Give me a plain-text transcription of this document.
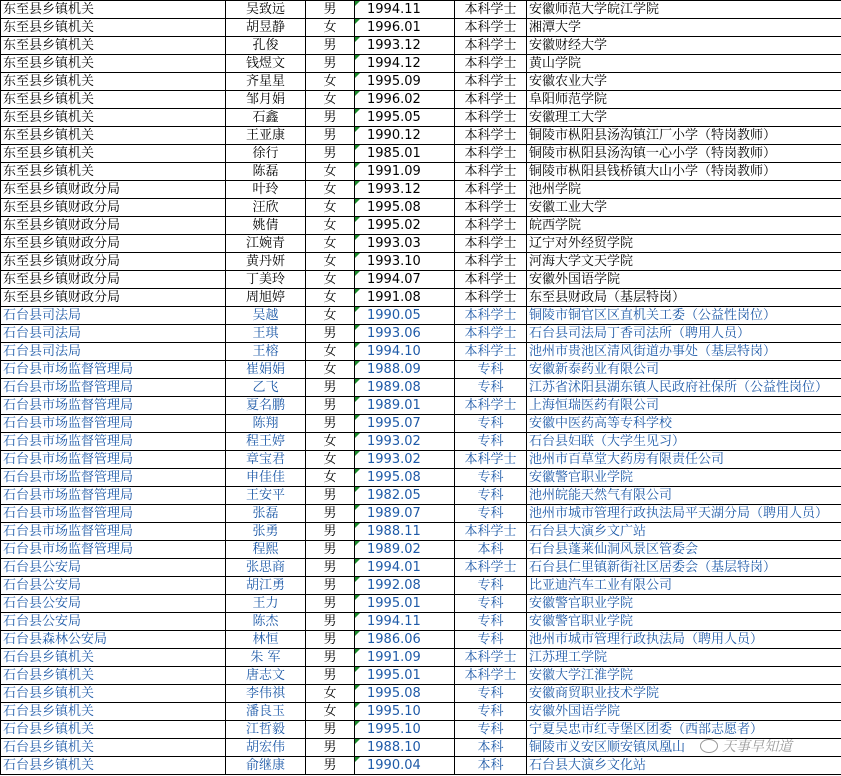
东至县乡镇机关	吴致远	男	1994.11	本科学士	安徽师范大学皖江学院
东至县乡镇机关	胡昱静	女	1996.01	本科学士	湘潭大学
东至县乡镇机关	孔俊	男	1993.12	本科学士	安徽财经大学
东至县乡镇机关	钱煜文	男	1994.12	本科学士	黄山学院
东至县乡镇机关	齐星星	女	1995.09	本科学士	安徽农业大学
东至县乡镇机关	邹月娟	女	1996.02	本科学士	阜阳师范学院
东至县乡镇机关	石鑫	男	1995.05	本科学士	安徽理工大学
东至县乡镇机关	王亚康	男	1990.12	本科学士	铜陵市枞阳县汤沟镇江厂小学（特岗教师）
东至县乡镇机关	徐行	男	1985.01	本科学士	铜陵市枞阳县汤沟镇一心小学（特岗教师）
东至县乡镇机关	陈磊	女	1991.09	本科学士	铜陵市枞阳县钱桥镇大山小学（特岗教师）
东至县乡镇财政分局	叶玲	女	1993.12	本科学士	池州学院
东至县乡镇财政分局	汪欣	女	1995.08	本科学士	安徽工业大学
东至县乡镇财政分局	姚倩	女	1995.02	本科学士	皖西学院
东至县乡镇财政分局	江婉青	女	1993.03	本科学士	辽宁对外经贸学院
东至县乡镇财政分局	黄丹妍	女	1993.10	本科学士	河海大学文天学院
东至县乡镇财政分局	丁美玲	女	1994.07	本科学士	安徽外国语学院
东至县乡镇财政分局	周旭婷	女	1991.08	本科学士	东至县财政局（基层特岗）
石台县司法局	吴越	女	1990.05	本科学士	铜陵市铜官区区直机关工委（公益性岗位）
石台县司法局	王琪	男	1993.06	本科学士	石台县司法局丁香司法所（聘用人员）
石台县司法局	王榕	女	1994.10	本科学士	池州市贵池区清风街道办事处（基层特岗）
石台县市场监督管理局	崔娟娟	女	1988.09	专科	安徽新泰药业有限公司
石台县市场监督管理局	乙飞	男	1989.08	专科	江苏省沭阳县湖东镇人民政府社保所（公益性岗位）
石台县市场监督管理局	夏名鹏	男	1989.01	本科学士	上海恒瑞医药有限公司
石台县市场监督管理局	陈翔	男	1995.07	专科	安徽中医药高等专科学校
石台县市场监督管理局	程王婷	女	1993.02	专科	石台县妇联（大学生见习）
石台县市场监督管理局	章宝君	女	1993.02	本科学士	池州市百草堂大药房有限责任公司
石台县市场监督管理局	申佳佳	女	1995.08	专科	安徽警官职业学院
石台县市场监督管理局	王安平	男	1982.05	专科	池州皖能天然气有限公司
石台县市场监督管理局	张磊	男	1989.07	专科	池州市城市管理行政执法局平天湖分局（聘用人员）
石台县市场监督管理局	张勇	男	1988.11	本科学士	石台县大演乡文广站
石台县市场监督管理局	程熙	男	1989.02	本科	石台县蓬莱仙洞风景区管委会
石台县公安局	张思商	男	1994.01	本科学士	石台县仁里镇新街社区居委会（基层特岗）
石台县公安局	胡江勇	男	1992.08	专科	比亚迪汽车工业有限公司
石台县公安局	王力	男	1995.01	专科	安徽警官职业学院
石台县公安局	陈杰	男	1994.11	专科	安徽警官职业学院
石台县森林公安局	林恒	男	1986.06	专科	池州市城市管理行政执法局（聘用人员）
石台县乡镇机关	朱 军	男	1991.09	本科学士	江苏理工学院
石台县乡镇机关	唐志文	男	1995.01	本科学士	安徽大学江淮学院
石台县乡镇机关	李伟祺	女	1995.08	专科	安徽商贸职业技术学院
石台县乡镇机关	潘良玉	女	1995.10	专科	安徽外国语学院
石台县乡镇机关	江哲毅	男	1995.10	专科	宁夏吴忠市红寺堡区团委（西部志愿者）
石台县乡镇机关	胡宏伟	男	1988.10	本科	铜陵市义安区顺安镇凤凰山
石台县乡镇机关	俞继康	男	1990.04	本科	石台县大演乡文化站
天事早知道
